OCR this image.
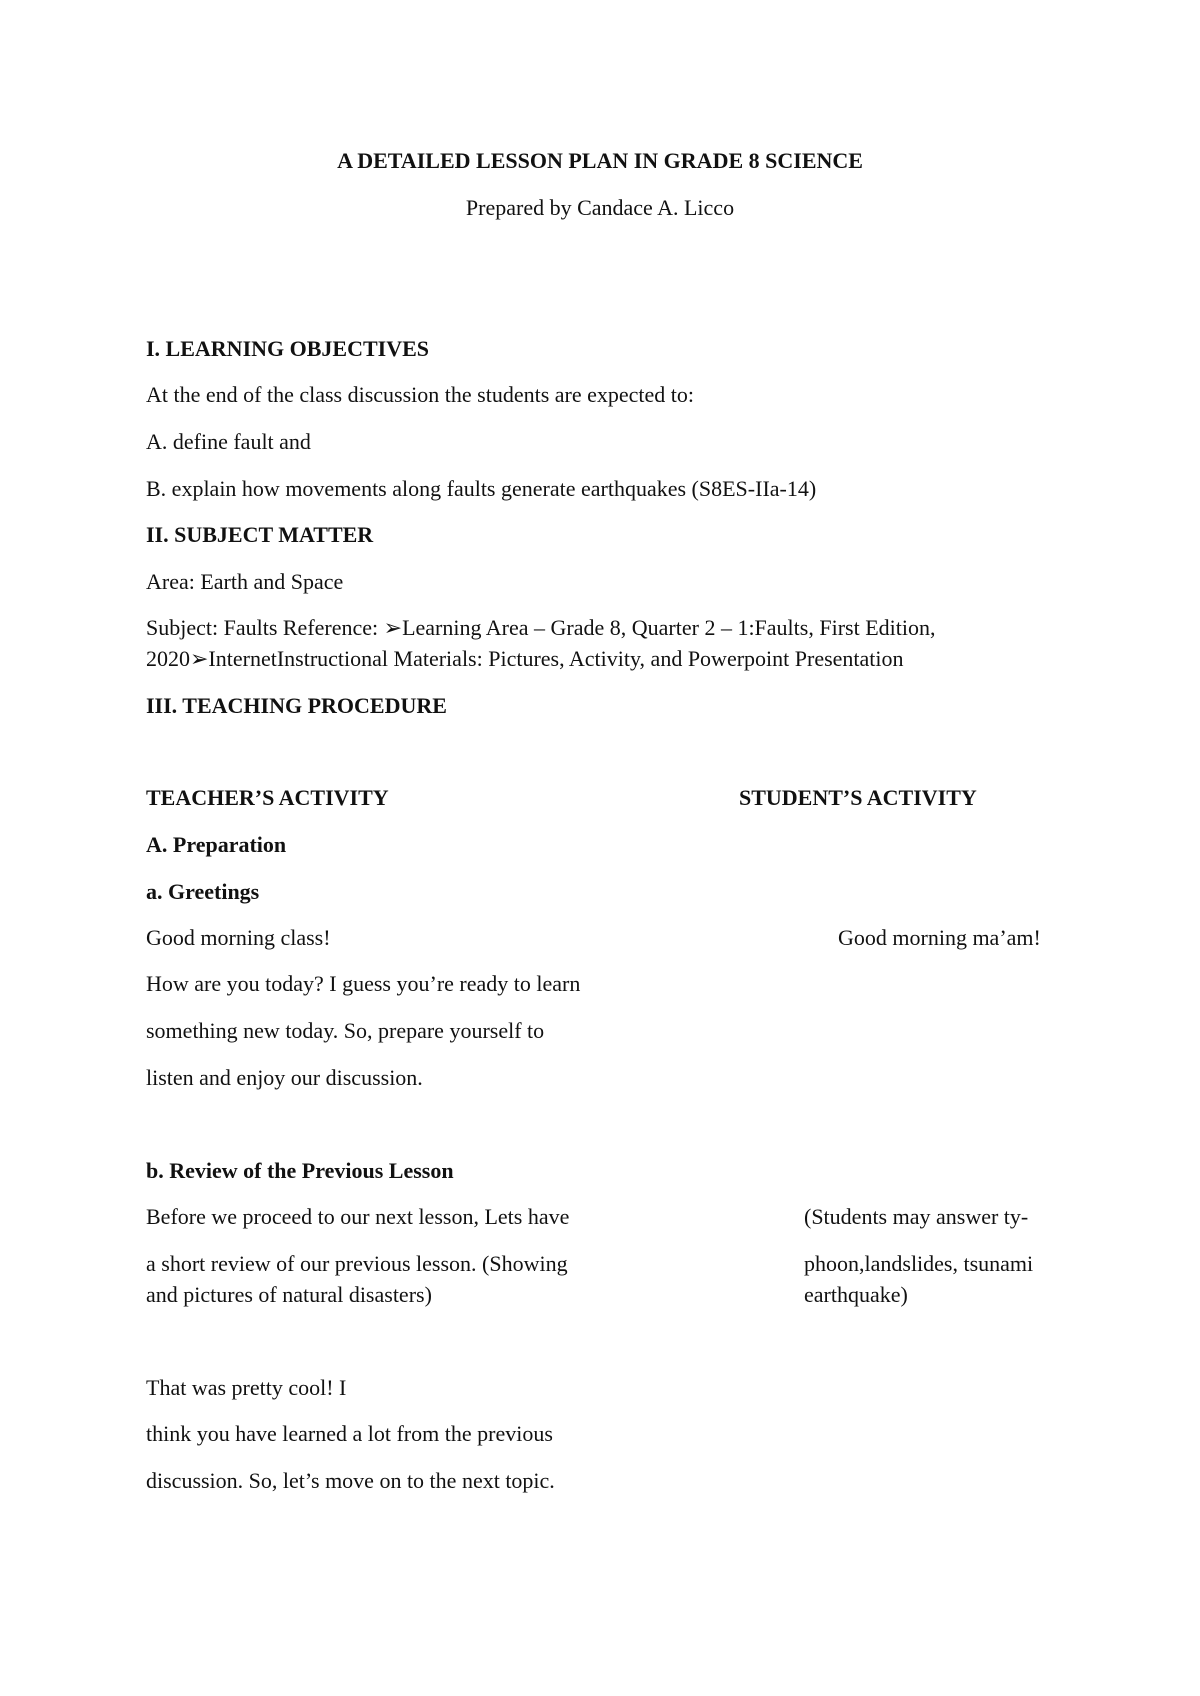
A DETAILED LESSON PLAN IN GRADE 8 SCIENCE
Prepared by Candace A. Licco
I. LEARNING OBJECTIVES
At the end of the class discussion the students are expected to:
A. define fault and
B. explain how movements along faults generate earthquakes (S8ES-IIa-14)
II. SUBJECT MATTER
Area: Earth and Space
Subject: Faults Reference: ➢Learning Area – Grade 8, Quarter 2 – 1:Faults, First Edition,
2020➢InternetInstructional Materials: Pictures, Activity, and Powerpoint Presentation
III. TEACHING PROCEDURE
TEACHER’S ACTIVITY	STUDENT’S ACTIVITY
A. Preparation
a. Greetings
Good morning class!	Good morning ma’am!
How are you today? I guess you’re ready to learn
something new today. So, prepare yourself to
listen and enjoy our discussion.
b. Review of the Previous Lesson
Before we proceed to our next lesson, Lets have	(Students may answer ty-
a short review of our previous lesson. (Showing	phoon,landslides, tsunami
and pictures of natural disasters)	earthquake)
That was pretty cool! I
think you have learned a lot from the previous
discussion. So, let’s move on to the next topic.
